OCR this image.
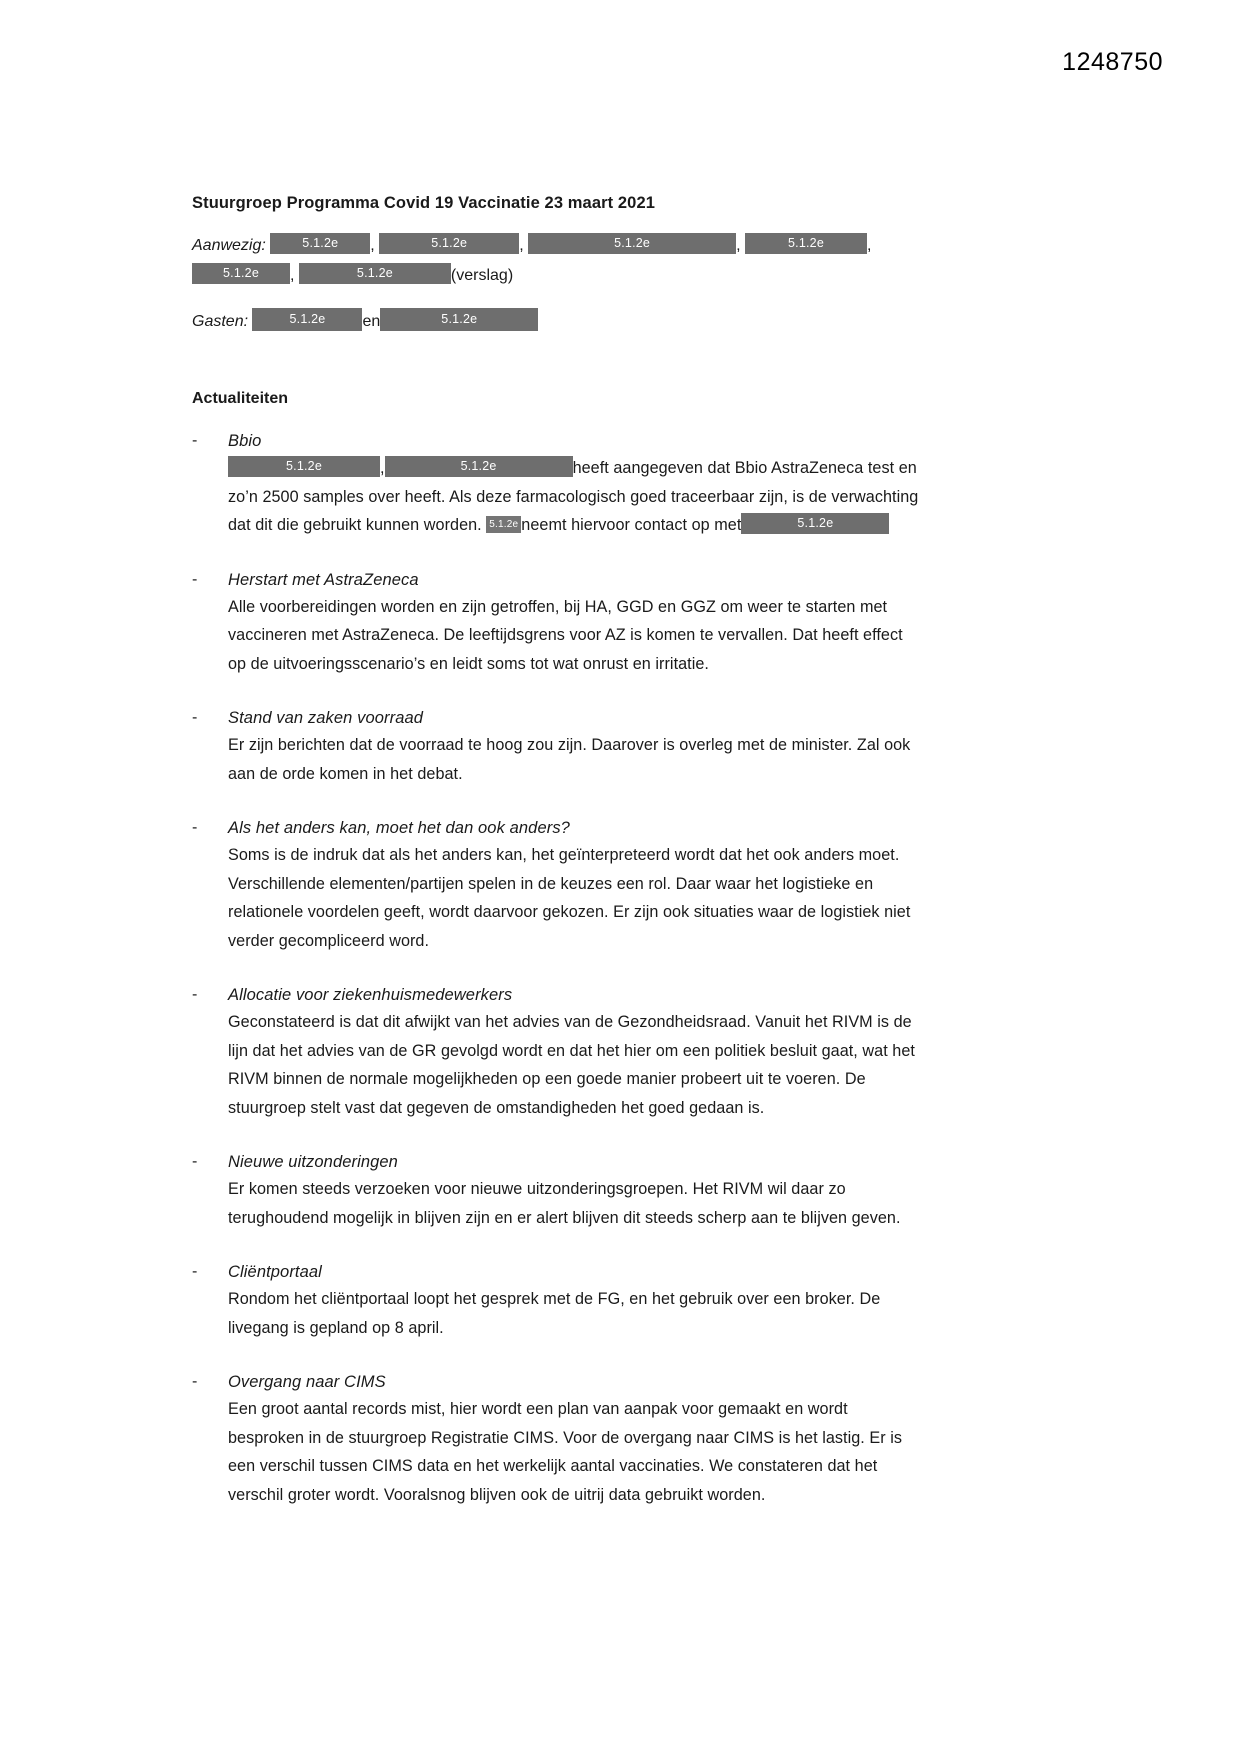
1248750
Stuurgroep Programma Covid 19 Vaccinatie 23 maart 2021
Aanwezig:	5.1.2e ,	5.1.2e	,	5.1.2e	,	5.1.2e	,
5.1.2e ,	5.1.2e	(verslag)
Gasten:	5.1.2e en	5.1.2e
Actualiteiten
- Bbio
5.1.2e	,	5.1.2e	heeft aangegeven dat Bbio AstraZeneca test en zo’n 2500 samples over heeft. Als deze farmacologisch goed traceerbaar zijn, is de verwachting dat dit die gebruikt kunnen worden. 5.1.2e neemt hiervoor contact op met	5.1.2e
- Herstart met AstraZeneca
Alle voorbereidingen worden en zijn getroffen, bij HA, GGD en GGZ om weer te starten met vaccineren met AstraZeneca. De leeftijdsgrens voor AZ is komen te vervallen. Dat heeft effect op de uitvoeringsscenario’s en leidt soms tot wat onrust en irritatie.
- Stand van zaken voorraad
Er zijn berichten dat de voorraad te hoog zou zijn. Daarover is overleg met de minister. Zal ook aan de orde komen in het debat.
- Als het anders kan, moet het dan ook anders?
Soms is de indruk dat als het anders kan, het geïnterpreteerd wordt dat het ook anders moet. Verschillende elementen/partijen spelen in de keuzes een rol. Daar waar het logistieke en relationele voordelen geeft, wordt daarvoor gekozen. Er zijn ook situaties waar de logistiek niet verder gecompliceerd word.
- Allocatie voor ziekenhuismedewerkers
Geconstateerd is dat dit afwijkt van het advies van de Gezondheidsraad. Vanuit het RIVM is de lijn dat het advies van de GR gevolgd wordt en dat het hier om een politiek besluit gaat, wat het RIVM binnen de normale mogelijkheden op een goede manier probeert uit te voeren. De stuurgroep stelt vast dat gegeven de omstandigheden het goed gedaan is.
- Nieuwe uitzonderingen
Er komen steeds verzoeken voor nieuwe uitzonderingsgroepen. Het RIVM wil daar zo terughoudend mogelijk in blijven zijn en er alert blijven dit steeds scherp aan te blijven geven.
- Cliëntportaal
Rondom het cliëntportaal loopt het gesprek met de FG, en het gebruik over een broker. De livegang is gepland op 8 april.
- Overgang naar CIMS
Een groot aantal records mist, hier wordt een plan van aanpak voor gemaakt en wordt besproken in de stuurgroep Registratie CIMS. Voor de overgang naar CIMS is het lastig. Er is een verschil tussen CIMS data en het werkelijk aantal vaccinaties. We constateren dat het verschil groter wordt. Vooralsnog blijven ook de uitrij data gebruikt worden.
